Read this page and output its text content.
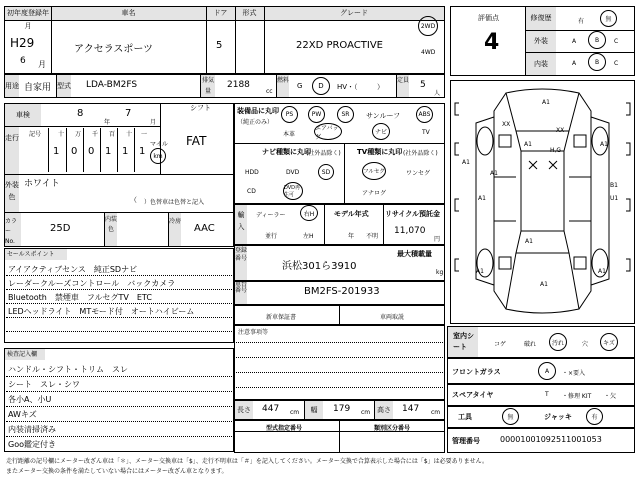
初年度登録年月
車名	ドア	形式	グレード
H29
6 月
アクセラスポーツ	5	22XD PROACTIVE
2WD
4WD
用途 自家用 型式 LDA-BM2FS	排気量
2188
cc
燃料
G	D	HV・（	）
定員 5
人
車検	8
年
7
月
シフト
FAT
走行 記号	十 万 千 百 十 一
1 0 0 1 1 1
マイル
km
外装色
ホワイト
（ ）色替車は色替と記入
カラー No.
25D
内装色
冷房
AAC
セールスポイント
アイアクティブセンス　純正SDナビ
レーダークルーズコントロール　バックカメラ
Bluetooth　禁煙車　フルセグTV　ETC
LEDヘッドライト　MTモード付　オートハイビーム
検査記入欄
ハンドル・シフト・トリム　スレ
シート　スレ・シワ
各小A、小U
AWキズ
内装清掃済み
Goo鑑定付き
装備品に丸印
（純正のみ）
PS	PW	SR	サンルーフ	ABS
本革
エアバッグ
ナビ	TV
ナビ種類に丸印
(社外品除く)
HDD	DVD	SD
CD	DVD再生可
TV種類に丸印 (社外品除く)
フルセグ	ワンセグ
アナログ
輸入
ディーラー	右H
並行	左H
モデル年式
年 不明
リサイクル預託金
11,070
円
登録番号
最大積載量
浜松301ら3910
kg
車台番号	BM2FS-201933
新車保証書	車両取説
注意事項等
長さ 447 cm	幅	179 cm 高さ 147 cm
型式指定番号	類別区分番号
評価点
4
修復歴	有	無
外装	A	B	C
内装	A	B	C
A1
XX
XX
A1	A1
H,G
A1
A1
A1
A1
B1
U1
A1
A1
A1
室内シート	コゲ	破れ	汚れ	穴	キズ
フロントガラス	A	・×要入
スペアタイヤ	T ・修理 KIT ・欠
工具	無	ジャッキ	有
管理番号	00001001092511001053
走行距離の記号欄にメーター改ざん車は「＊」、メーター交換車は「$」、走行不明車は「＃」を記入してください。メーター交換で合算表示した場合には「$」は必要ありません。
またメーター交換の条件を満たしていない場合にはメーター改ざん車となります。
